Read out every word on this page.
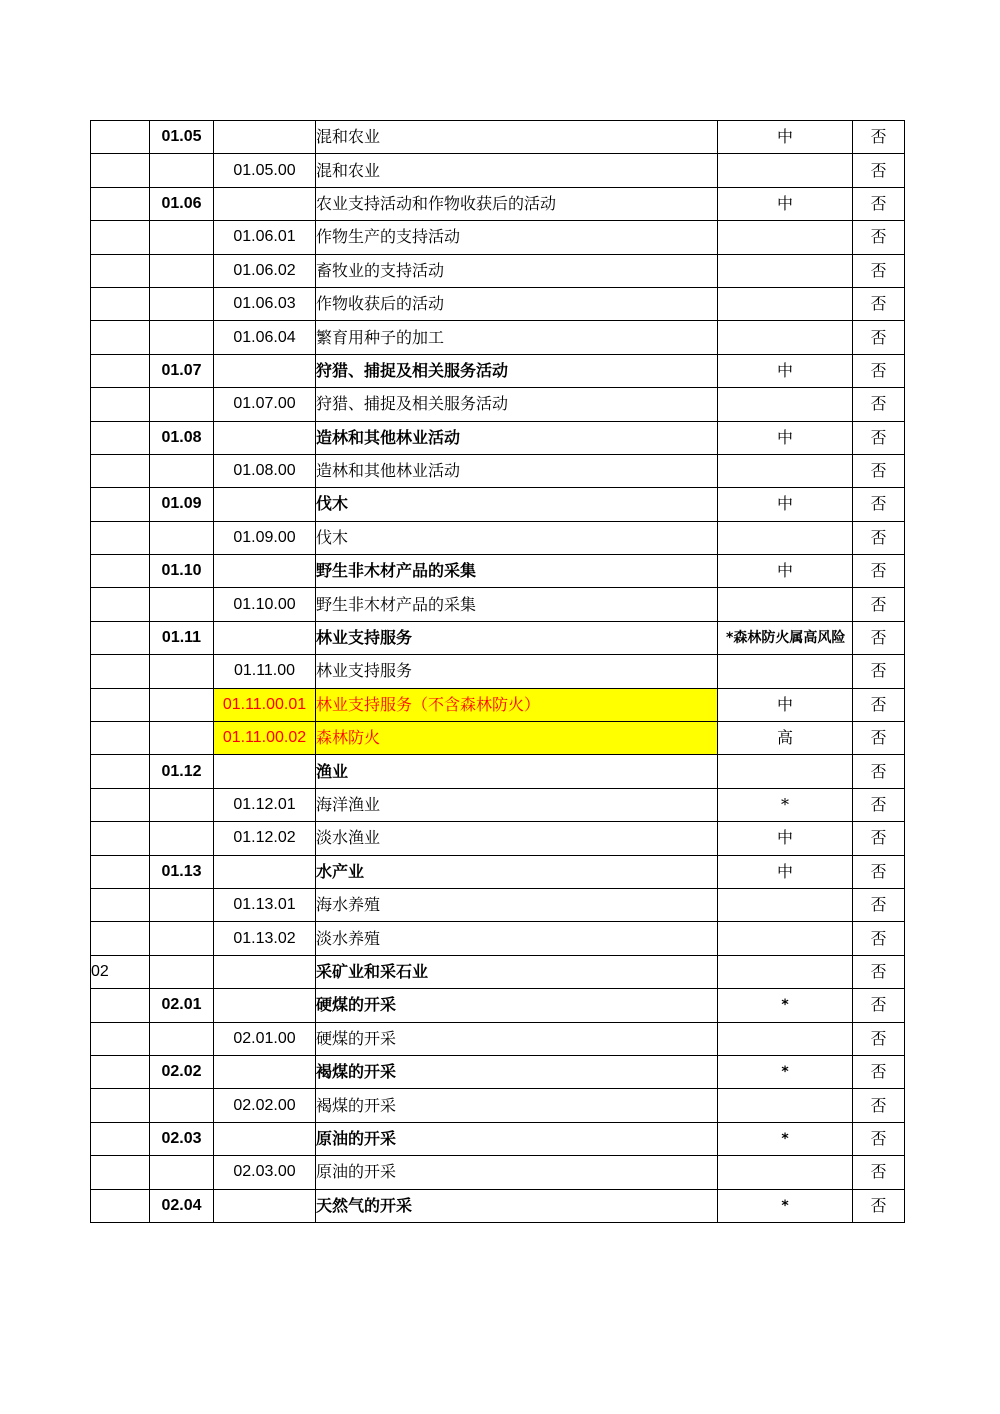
	01.05		混和农业	中	否
		01.05.00	混和农业		否
	01.06		农业支持活动和作物收获后的活动	中	否
		01.06.01	作物生产的支持活动		否
		01.06.02	畜牧业的支持活动		否
		01.06.03	作物收获后的活动		否
		01.06.04	繁育用种子的加工		否
	01.07		狩猎、捕捉及相关服务活动	中	否
		01.07.00	狩猎、捕捉及相关服务活动		否
	01.08		造林和其他林业活动	中	否
		01.08.00	造林和其他林业活动		否
	01.09		伐木	中	否
		01.09.00	伐木		否
	01.10		野生非木材产品的采集	中	否
		01.10.00	野生非木材产品的采集		否
	01.11		林业支持服务	*森林防火属高风险	否
		01.11.00	林业支持服务		否
		01.11.00.01	林业支持服务（不含森林防火）	中	否
		01.11.00.02	森林防火	高	否
	01.12		渔业		否
		01.12.01	海洋渔业	*	否
		01.12.02	淡水渔业	中	否
	01.13		水产业	中	否
		01.13.01	海水养殖		否
		01.13.02	淡水养殖		否
02			采矿业和采石业		否
	02.01		硬煤的开采	*	否
		02.01.00	硬煤的开采		否
	02.02		褐煤的开采	*	否
		02.02.00	褐煤的开采		否
	02.03		原油的开采	*	否
		02.03.00	原油的开采		否
	02.04		天然气的开采	*	否
